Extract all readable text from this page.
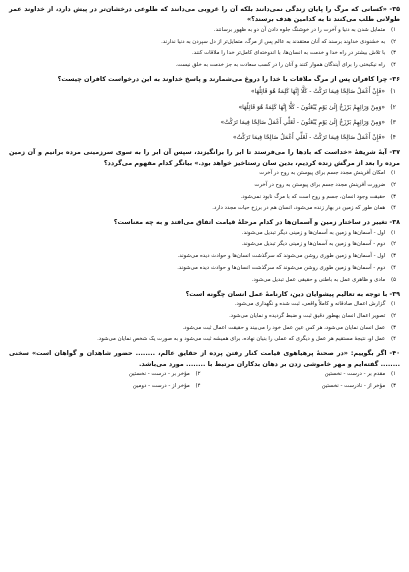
۳۵- «کسانی که مرگ را پایان زندگی نمی‌دانند بلکه آن را غروبی می‌دانند که طلوعی درخشان‌تر در پیش دارد، از خداوند عمر طولانی طلب می‌کنند تا به کدامین هدف برسند؟»
۱) متمایل شدن به دنیا و آخرت را در خوشنگ جلوه دادن آن دو به ظهور برسانند.
۲) به خشنودی خداوند برسند که آنان معتقدند به عالم پس از مرگ، متمایل‌تر از دل سپردن به دنیا ندارند.
۳) با تلاش بیشتر در راه خدا و خدمت به انسان‌ها، با اندوخته‌ای کامل‌تر خدا را ملاقات کنند.
۴) راه نیکبختی را برای آیندگان هموار کنند و آنان را در کسب سعادت به جز خدمت به خلق نیست.
۳۶- چرا کافران پس از مرگ ملاقات با خدا را دروغ می‌شمارند و پاسخ خداوند به این درخواست کافران چیست؟
۱) «فَإِنْ أَعْمَلُ صَالِحًا فِيمَا تَرَكْتُ - كَلَّا إِنَّهَا كَلِمَةٌ هُوَ قَائِلُهَا»
۲) «وَمِنْ وَرَائِهِمْ بَرْزَخٌ إِلَىٰ يَوْمِ يُبْعَثُونَ - كَلَّا إِنَّهَا كَلِمَةٌ هُوَ قَائِلُهَا»
۳) «وَمِنْ وَرَائِهِمْ بَرْزَخٌ إِلَىٰ يَوْمِ يُبْعَثُونَ - لَعَلِّي أَعْمَلُ صَالِحًا فِيمَا تَرَكْتُ»
۴) «فَإِنْ أَعْمَلُ صَالِحًا فِيمَا تَرَكْتُ - لَعَلِّي أَعْمَلُ صَالِحًا فِيمَا تَرَكْتُ»
۳۷- آیهٔ شریفهٔ «خداست که بادها را می‌فرستد تا ابر را برانگیزند، سپس آن ابر را به سوی سرزمینی مرده برانیم و آن زمین مرده را بعد از مرگش زنده کردیم، بدین سان رستاخیز خواهد بود.» بیانگر کدام مفهوم می‌گردد؟
۱) امکان آفرینش مجدد جسم برای پیوستن به روح در آخرت
۲) ضرورت آفرینش مجدد جسم برای پیوستن به روح در آخرت
۳) حقیقت وجود انسان، جسم و روح است که با مرگ نابود نمی‌شود.
۴) همان طور که زمین در بهار زنده می‌شود، انسان هم در برزخ حیات مجدد دارد.
۳۸- تغییر در ساختار زمین و آسمان‌ها در کدام مرحلهٔ قیامت اتفاق می‌افتد و به چه معناست؟
۱) اول - آسمان‌ها و زمین به آسمان‌ها و زمینی دیگر تبدیل می‌شوند.
۲) دوم - آسمان‌ها و زمین به آسمان‌ها و زمینی دیگر تبدیل می‌شوند.
۳) اول - آسمان‌ها و زمین طوری روشن می‌شوند که سرگذشت انسان‌ها و حوادث دیده می‌شوند.
۴) دوم - آسمان‌ها و زمین طوری روشن می‌شوند که سرگذشت انسان‌ها و حوادث دیده می‌شوند.
۵) مادی و ظاهری عمل به باطنی و حقیقی عمل تبدیل می‌شود.
۳۹- با توجه به تعالیم پیشوایان دین، کارنامهٔ عمل انسان چگونه است؟
۱) گزارش اعمال صادقانه و کاملاً واقعی، ثبت شده و نگهداری می‌شود.
۲) تصویر اعمال انسان بهطور دقیق ثبت و ضبط گردیده و نمایان می‌شود.
۳) عمل انسان نمایان می‌شود، هر کس عین عمل خود را می‌بیند و حقیقت اعمال ثبت می‌شود.
۴) عمل او، نتیجهٔ مستقیم هر عمل و دیگری که عملی را بنیان نهاده، برای همیشه ثبت می‌شود و به صورت یک شخص نمایان می‌شود.
۴۰- اگر بگوییم: «در صحنهٔ پرهیاهوی قیامت کنار رفتن پرده از حقایق عالم، ........ حضور شاهدان و گواهان است» سخنی ........ گفته‌ایم و مهر خاموشی زدن بر دهان بدکاران مرتبط با ........ مورد می‌باشد.
۱) مقدم بر - درست - نخستین
۲) مؤخر بر - درست - نخستین
۳) مؤخر از - نادرست - نخستین
۴) مؤخر از - درست - دومین
